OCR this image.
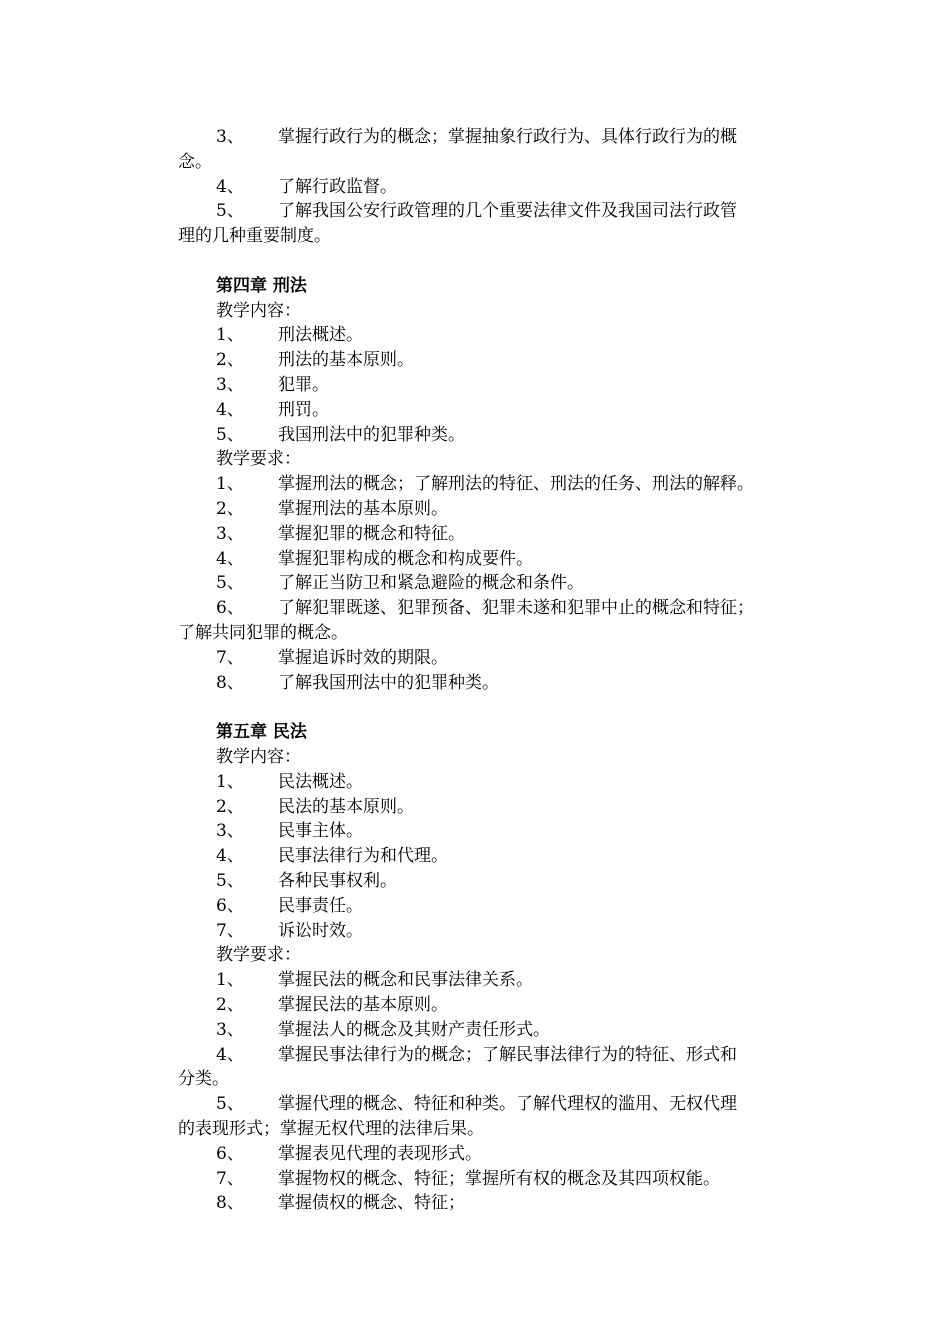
3、 掌握行政行为的概念；掌握抽象行政行为、具体行政行为的概
念。
4、 了解行政监督。
5、 了解我国公安行政管理的几个重要法律文件及我国司法行政管
理的几种重要制度。
第四章 刑法
教学内容：
1、 刑法概述。
2、 刑法的基本原则。
3、 犯罪。
4、 刑罚。
5、 我国刑法中的犯罪种类。
教学要求：
1、 掌握刑法的概念；了解刑法的特征、刑法的任务、刑法的解释。
2、 掌握刑法的基本原则。
3、 掌握犯罪的概念和特征。
4、 掌握犯罪构成的概念和构成要件。
5、 了解正当防卫和紧急避险的概念和条件。
6、 了解犯罪既遂、犯罪预备、犯罪未遂和犯罪中止的概念和特征；
了解共同犯罪的概念。
7、 掌握追诉时效的期限。
8、 了解我国刑法中的犯罪种类。
第五章 民法
教学内容：
1、 民法概述。
2、 民法的基本原则。
3、 民事主体。
4、 民事法律行为和代理。
5、 各种民事权利。
6、 民事责任。
7、 诉讼时效。
教学要求：
1、 掌握民法的概念和民事法律关系。
2、 掌握民法的基本原则。
3、 掌握法人的概念及其财产责任形式。
4、 掌握民事法律行为的概念；了解民事法律行为的特征、形式和
分类。
5、 掌握代理的概念、特征和种类。了解代理权的滥用、无权代理
的表现形式；掌握无权代理的法律后果。
6、 掌握表见代理的表现形式。
7、 掌握物权的概念、特征；掌握所有权的概念及其四项权能。
8、 掌握债权的概念、特征；
